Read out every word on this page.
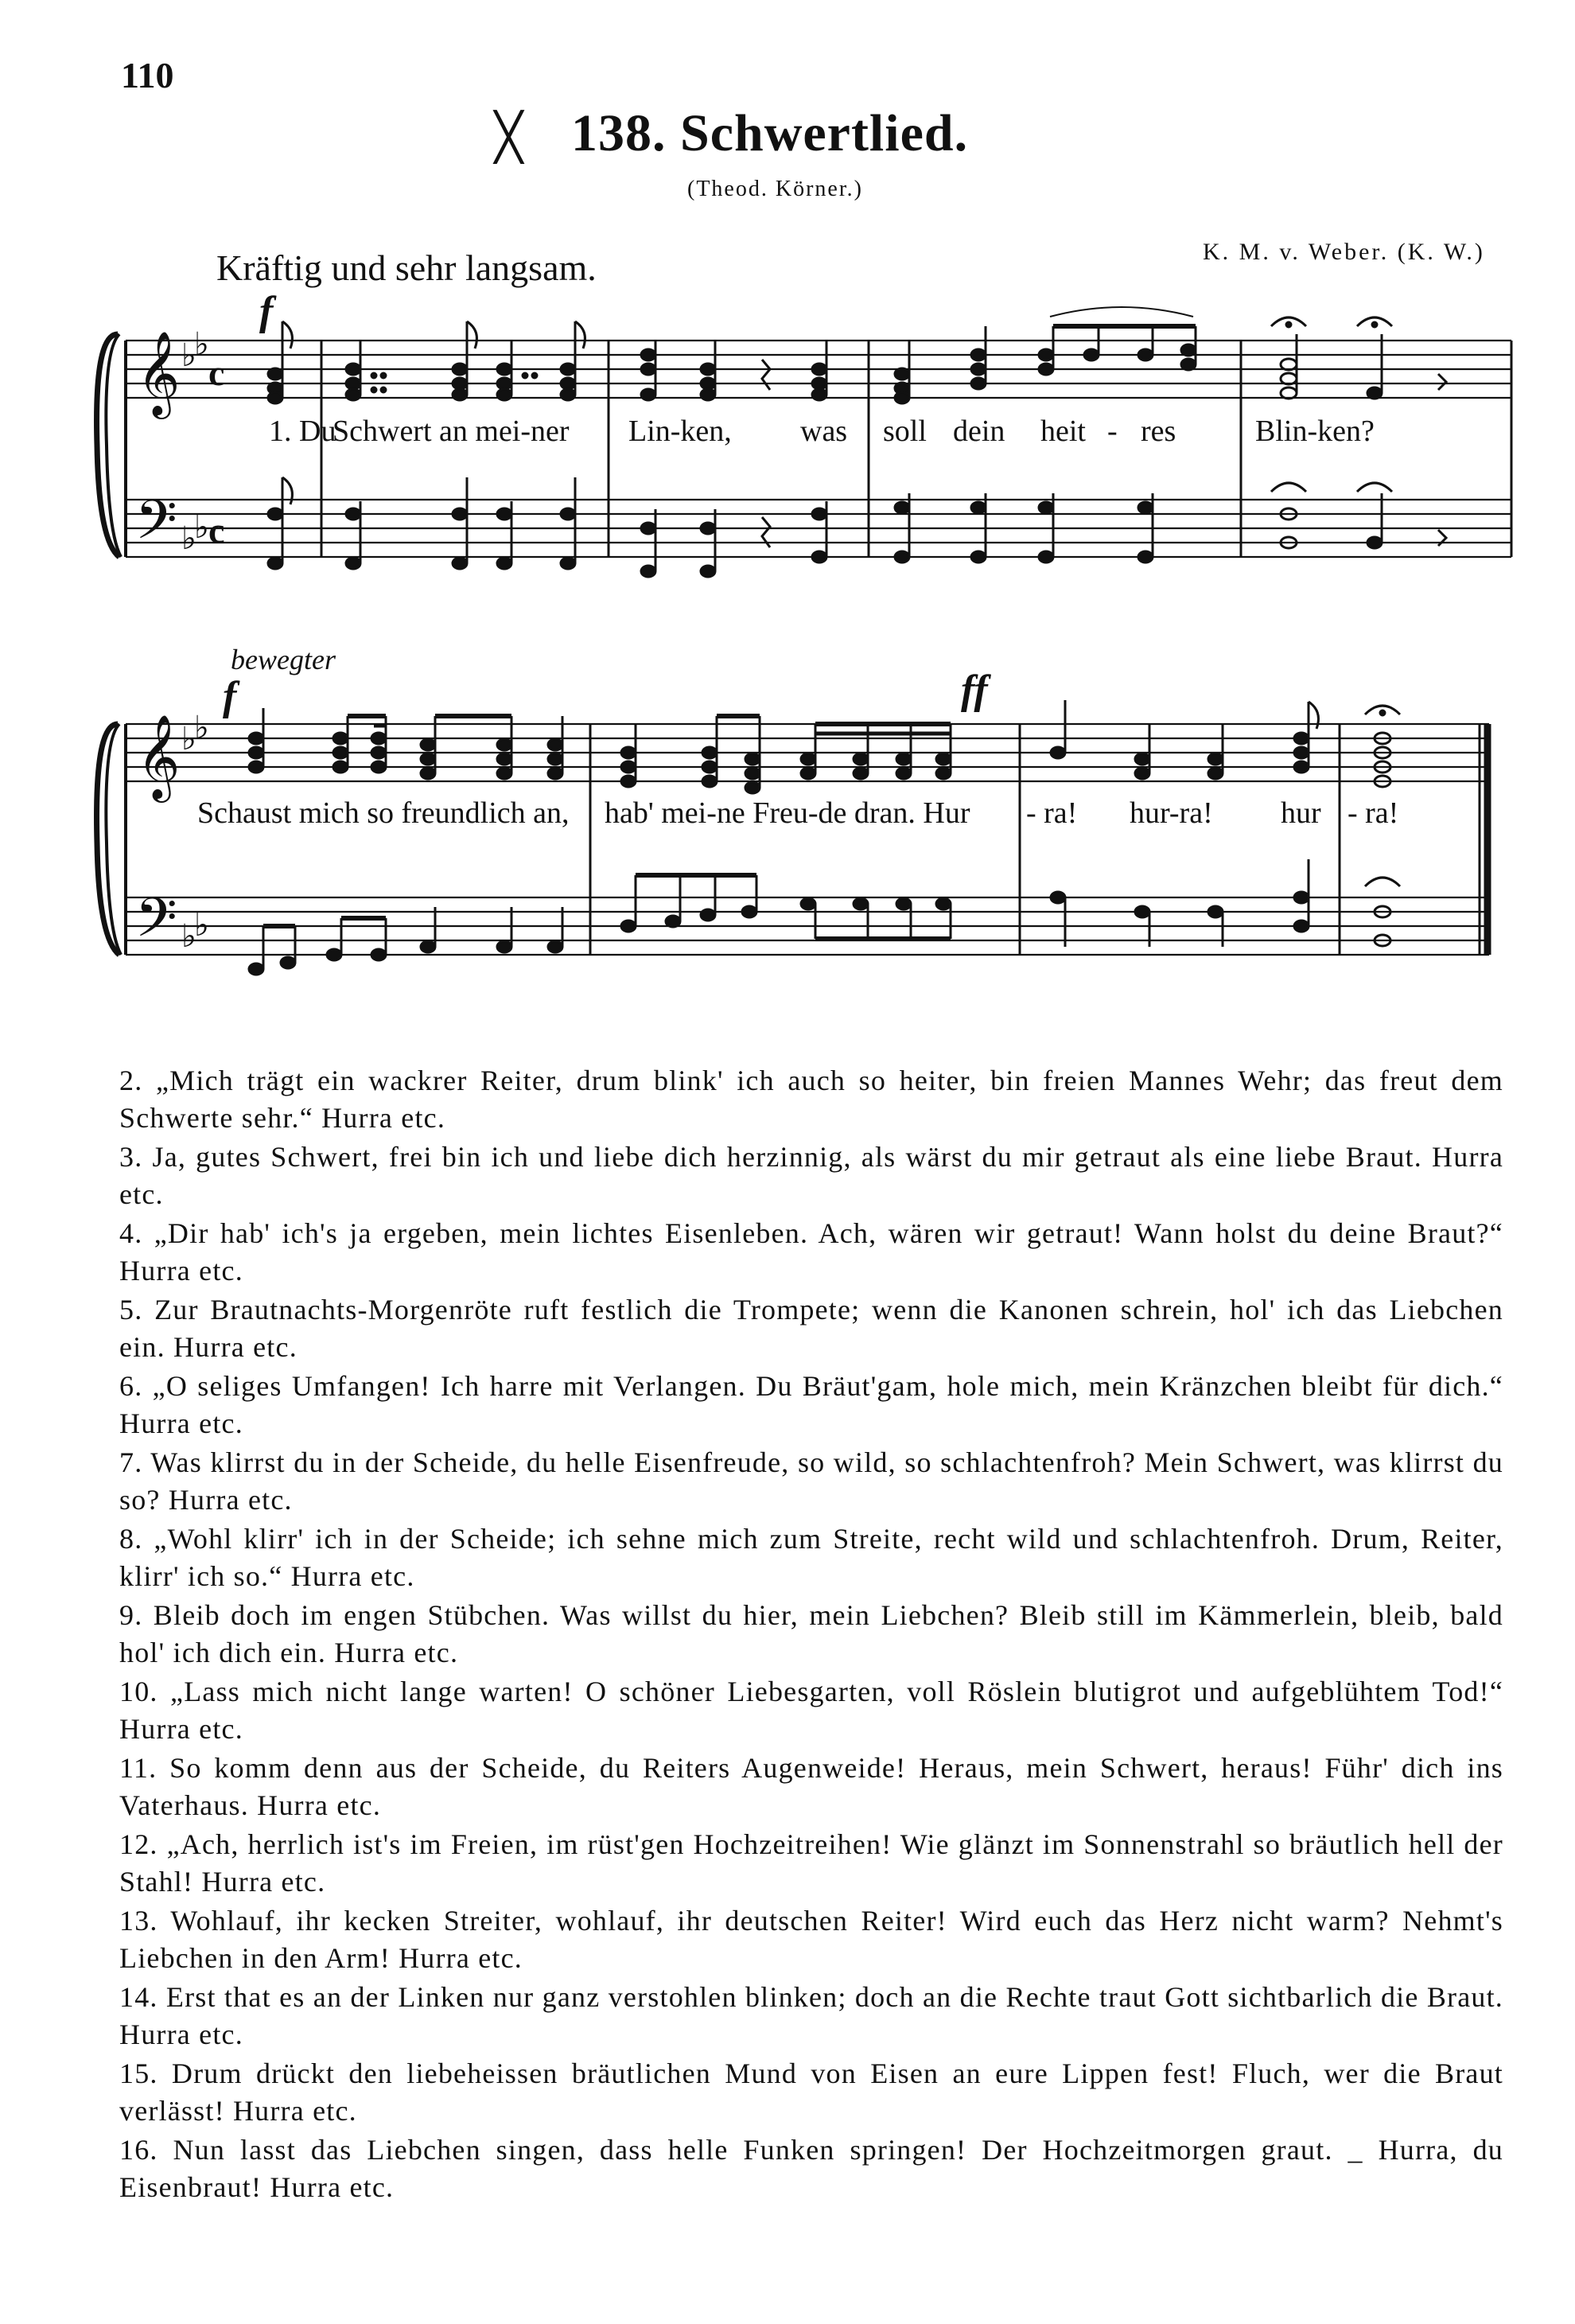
110
╳ 138. Schwertlied.
(Theod. Körner.)
Kräftig und sehr langsam.	K. M. v. Weber. (K. W.)
𝄞 ♭
♭
c
𝄢 ♭
♭ c
f
1. Du
Schwert an mei-ner Lin-ken, was soll dein heit - res	Blin-ken?
bewegter
f	ff
𝄞 ♭
♭
𝄢 ♭
♭
Schaust mich so freundlich an, hab' mei-ne Freu-de dran. Hur - ra! hur-ra! hur - ra!

2. „Mich trägt ein wackrer Reiter, drum blink' ich auch so heiter, bin freien Mannes Wehr; das freut dem Schwerte sehr.“ Hurra etc.

3. Ja, gutes Schwert, frei bin ich und liebe dich herzinnig, als wärst du mir getraut als eine liebe Braut. Hurra etc.

4. „Dir hab' ich's ja ergeben, mein lichtes Eisenleben. Ach, wären wir getraut! Wann holst du deine Braut?“ Hurra etc.

5. Zur Brautnachts-Morgenröte ruft festlich die Trompete; wenn die Kanonen schrein, hol' ich das Liebchen ein. Hurra etc.

6. „O seliges Umfangen! Ich harre mit Verlangen. Du Bräut'gam, hole mich, mein Kränzchen bleibt für dich.“ Hurra etc.

7. Was klirrst du in der Scheide, du helle Eisenfreude, so wild, so schlachtenfroh? Mein Schwert, was klirrst du so? Hurra etc.

8. „Wohl klirr' ich in der Scheide; ich sehne mich zum Streite, recht wild und schlachtenfroh. Drum, Reiter, klirr' ich so.“ Hurra etc.

9. Bleib doch im engen Stübchen. Was willst du hier, mein Liebchen? Bleib still im Kämmerlein, bleib, bald hol' ich dich ein. Hurra etc.

10. „Lass mich nicht lange warten! O schöner Liebesgarten, voll Röslein blutigrot und aufgeblühtem Tod!“ Hurra etc.

11. So komm denn aus der Scheide, du Reiters Augenweide! Heraus, mein Schwert, heraus! Führ' dich ins Vaterhaus. Hurra etc.

12. „Ach, herrlich ist's im Freien, im rüst'gen Hochzeitreihen! Wie glänzt im Sonnenstrahl so bräutlich hell der Stahl! Hurra etc.

13. Wohlauf, ihr kecken Streiter, wohlauf, ihr deutschen Reiter! Wird euch das Herz nicht warm? Nehmt's Liebchen in den Arm! Hurra etc.

14. Erst that es an der Linken nur ganz verstohlen blinken; doch an die Rechte traut Gott sichtbarlich die Braut. Hurra etc.

15. Drum drückt den liebeheissen bräutlichen Mund von Eisen an eure Lippen fest! Fluch, wer die Braut verlässt! Hurra etc.

16. Nun lasst das Liebchen singen, dass helle Funken springen! Der Hochzeitmorgen graut. _ Hurra, du Eisenbraut! Hurra etc.
